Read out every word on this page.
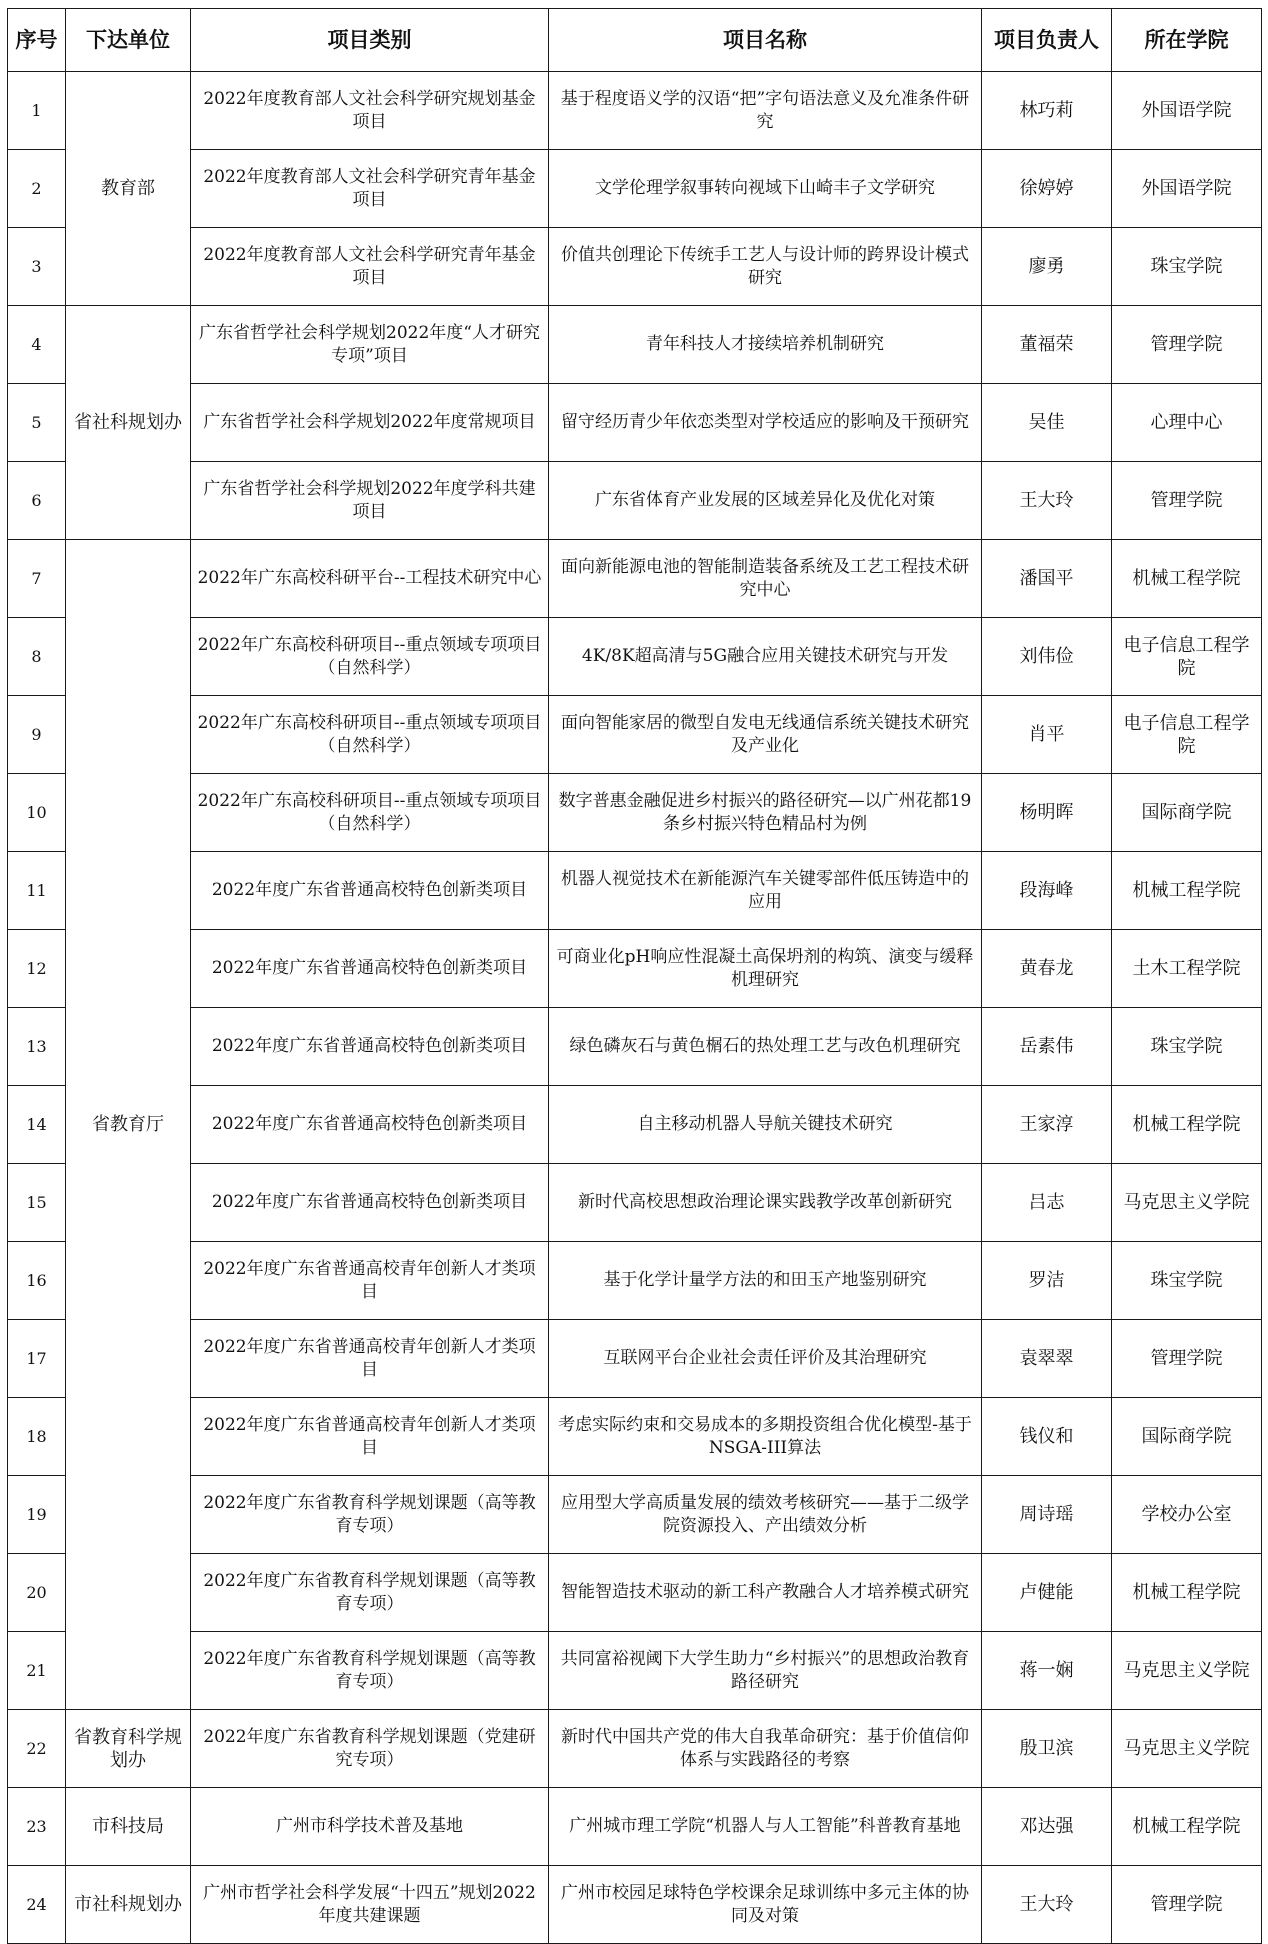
序号	下达单位	项目类别	项目名称	项目负责人	所在学院
1	教育部	2022年度教育部人文社会科学研究规划基金项目	基于程度语义学的汉语“把”字句语法意义及允准条件研究	林巧莉	外国语学院
2		2022年度教育部人文社会科学研究青年基金项目	文学伦理学叙事转向视域下山崎丰子文学研究	徐婷婷	外国语学院
3		2022年度教育部人文社会科学研究青年基金项目	价值共创理论下传统手工艺人与设计师的跨界设计模式研究	廖勇	珠宝学院
4	省社科规划办	广东省哲学社会科学规划2022年度“人才研究专项”项目	青年科技人才接续培养机制研究	董福荣	管理学院
5		广东省哲学社会科学规划2022年度常规项目	留守经历青少年依恋类型对学校适应的影响及干预研究	吴佳	心理中心
6		广东省哲学社会科学规划2022年度学科共建项目	广东省体育产业发展的区域差异化及优化对策	王大玲	管理学院
7	省教育厅	2022年广东高校科研平台--工程技术研究中心	面向新能源电池的智能制造装备系统及工艺工程技术研究中心	潘国平	机械工程学院
8		2022年广东高校科研项目--重点领域专项项目（自然科学）	4K/8K超高清与5G融合应用关键技术研究与开发	刘伟俭	电子信息工程学院
9		2022年广东高校科研项目--重点领域专项项目（自然科学）	面向智能家居的微型自发电无线通信系统关键技术研究及产业化	肖平	电子信息工程学院
10		2022年广东高校科研项目--重点领域专项项目（自然科学）	数字普惠金融促进乡村振兴的路径研究—以广州花都19条乡村振兴特色精品村为例	杨明晖	国际商学院
11		2022年度广东省普通高校特色创新类项目	机器人视觉技术在新能源汽车关键零部件低压铸造中的应用	段海峰	机械工程学院
12		2022年度广东省普通高校特色创新类项目	可商业化pH响应性混凝土高保坍剂的构筑、演变与缓释机理研究	黄春龙	土木工程学院
13		2022年度广东省普通高校特色创新类项目	绿色磷灰石与黄色榍石的热处理工艺与改色机理研究	岳素伟	珠宝学院
14		2022年度广东省普通高校特色创新类项目	自主移动机器人导航关键技术研究	王家淳	机械工程学院
15		2022年度广东省普通高校特色创新类项目	新时代高校思想政治理论课实践教学改革创新研究	吕志	马克思主义学院
16		2022年度广东省普通高校青年创新人才类项目	基于化学计量学方法的和田玉产地鉴别研究	罗洁	珠宝学院
17		2022年度广东省普通高校青年创新人才类项目	互联网平台企业社会责任评价及其治理研究	袁翠翠	管理学院
18		2022年度广东省普通高校青年创新人才类项目	考虑实际约束和交易成本的多期投资组合优化模型-基于NSGA-III算法	钱仪和	国际商学院
19		2022年度广东省教育科学规划课题（高等教育专项）	应用型大学高质量发展的绩效考核研究——基于二级学院资源投入、产出绩效分析	周诗瑶	学校办公室
20		2022年度广东省教育科学规划课题（高等教育专项）	智能智造技术驱动的新工科产教融合人才培养模式研究	卢健能	机械工程学院
21		2022年度广东省教育科学规划课题（高等教育专项）	共同富裕视阈下大学生助力“乡村振兴”的思想政治教育路径研究	蒋一娴	马克思主义学院
22	省教育科学规划办	2022年度广东省教育科学规划课题（党建研究专项）	新时代中国共产党的伟大自我革命研究：基于价值信仰体系与实践路径的考察	殷卫滨	马克思主义学院
23	市科技局	广州市科学技术普及基地	广州城市理工学院“机器人与人工智能”科普教育基地	邓达强	机械工程学院
24	市社科规划办	广州市哲学社会科学发展“十四五”规划2022年度共建课题	广州市校园足球特色学校课余足球训练中多元主体的协同及对策	王大玲	管理学院
